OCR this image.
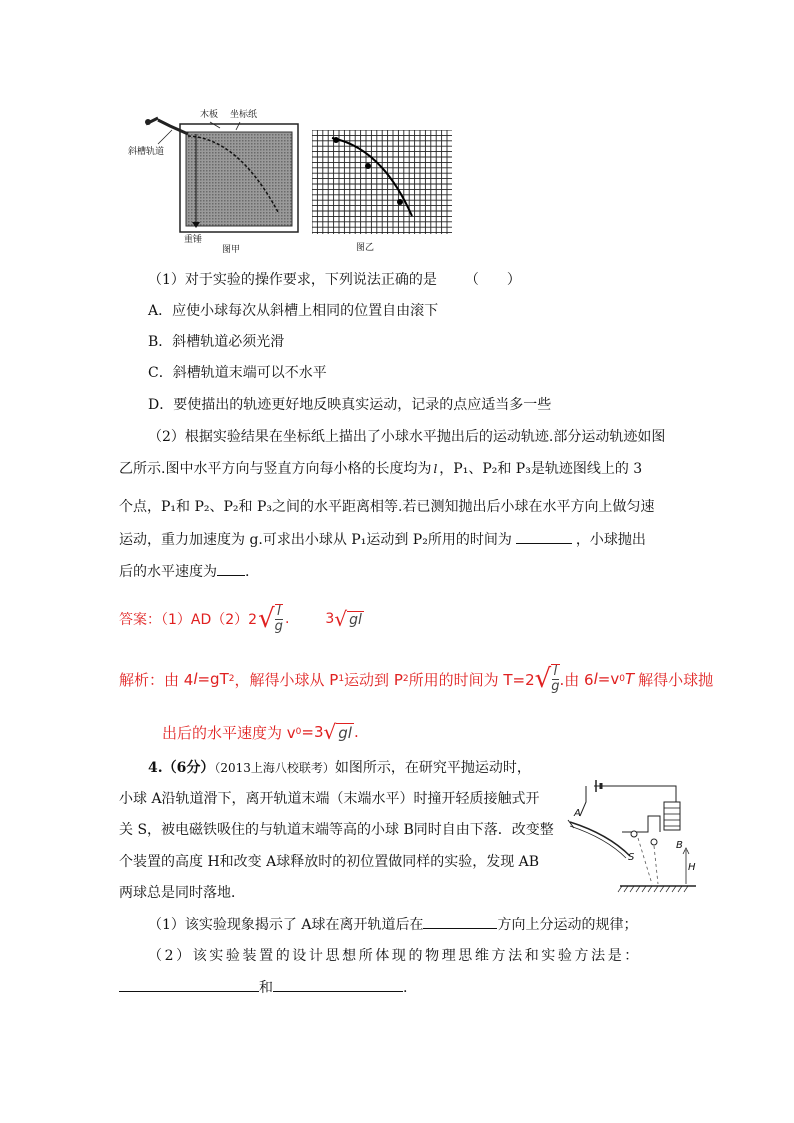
木板 坐标纸
斜槽轨道
重锤
图甲	图乙
（1）对于实验的操作要求，下列说法正确的是 （　　）
A．应使小球每次从斜槽上相同的位置自由滚下
B．斜槽轨道必须光滑
C．斜槽轨道末端可以不水平
D．要使描出的轨迹更好地反映真实运动，记录的点应适当多一些
（2）根据实验结果在坐标纸上描出了小球水平抛出后的运动轨迹.部分运动轨迹如图
乙所示.图中水平方向与竖直方向每小格的长度均为 l ，P₁、P₂和 P₃是轨迹图线上的 3
个点，P₁和 P₂、P₂和 P₃之间的水平距离相等.若已测知抛出后小球在水平方向上做匀速
运动，重力加速度为 g.可求出小球从 P₁运动到 P₂所用的时间为	，小球抛出
后的水平速度为 .
答案：（1）AD（2）2 √ $\frac{l}{g}$ .	3 √ gl
解析：由 4 l =gT 2 ，解得小球从 P 1 运动到 P 2 所用的时间为 T=2 √ $\frac{l}{g}$ .由 6 l =v 0 T 解得小球抛
出后的水平速度为 v 0 =3 √ gl .
4.（6分）（2013上海八校联考）如图所示，在研究平抛运动时，
小球 A沿轨道滑下，离开轨道末端（末端水平）时撞开轻质接触式开
关 S，被电磁铁吸住的与轨道末端等高的小球 B同时自由下落．改变整
个装置的高度 H和改变 A球释放时的初位置做同样的实验，发现 AB
两球总是同时落地．
A
S
B
H
（1）该实验现象揭示了 A球在离开轨道后在	方向上分运动的规律；
（2）该实验装置的设计思想所体现的物理思维方法和实验方法是：
和	.
